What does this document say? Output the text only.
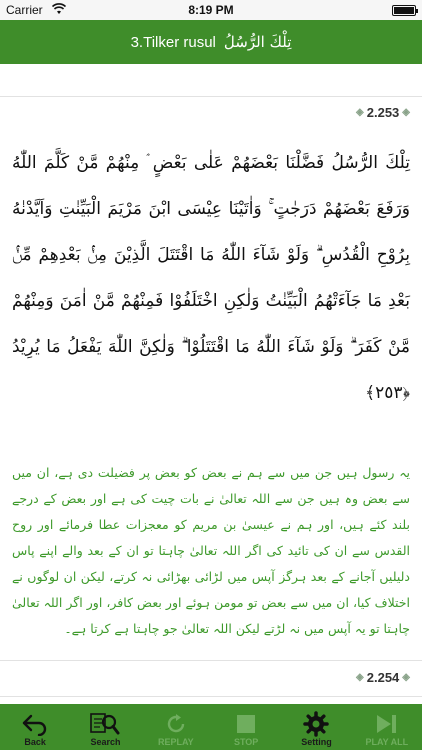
Carrier	8:19 PM
3.Tilker rusul تِلْكَ الرُّسُلُ
◈ 2.253 ◈
تِلْكَ الرُّسُلُ فَضَّلْنَا بَعْضَهُمْ عَلٰى بَعْضٍ ۘ مِنْهُمْ مَّنْ كَلَّمَ اللّٰهُ وَرَفَعَ بَعْضَهُمْ دَرَجٰتٍ ۚ وَاٰتَيْنَا عِيْسَى ابْنَ مَرْيَمَ الْبَيِّنٰتِ وَاَيَّدْنٰهُ بِرُوْحِ الْقُدُسِ ۗ وَلَوْ شَآءَ اللّٰهُ مَا اقْتَتَلَ الَّذِيْنَ مِنْۢ بَعْدِهِمْ مِّنْۢ بَعْدِ مَا جَآءَتْهُمُ الْبَيِّنٰتُ وَلٰكِنِ اخْتَلَفُوْا فَمِنْهُمْ مَّنْ اٰمَنَ وَمِنْهُمْ مَّنْ كَفَرَ ۗ وَلَوْ شَآءَ اللّٰهُ مَا اقْتَتَلُوْا ۗ وَلٰكِنَّ اللّٰهَ يَفْعَلُ مَا يُرِيْدُ ﴿٢٥٣﴾
یہ رسول ہیں جن میں سے ہم نے بعض کو بعض پر فضیلت دی ہے، ان میں سے بعض وہ ہیں جن سے اللہ تعالیٰ نے بات چیت کی ہے اور بعض کے درجے بلند کئے ہیں، اور ہم نے عیسیٰ بن مریم کو معجزات عطا فرمائے اور روح القدس سے ان کی تائید کی اگر اللہ تعالیٰ چاہتا تو ان کے بعد والے اپنے پاس دلیلیں آجانے کے بعد ہرگز آپس میں لڑائی بھڑائی نہ کرتے، لیکن ان لوگوں نے اختلاف کیا، ان میں سے بعض تو مومن ہوئے اور بعض کافر، اور اگر اللہ تعالیٰ چاہتا تو یہ آپس میں نہ لڑتے لیکن اللہ تعالیٰ جو چاہتا ہے کرتا ہے۔
◈ 2.254 ◈
Back	Search	REPLAY	STOP	Setting	PLAY ALL
